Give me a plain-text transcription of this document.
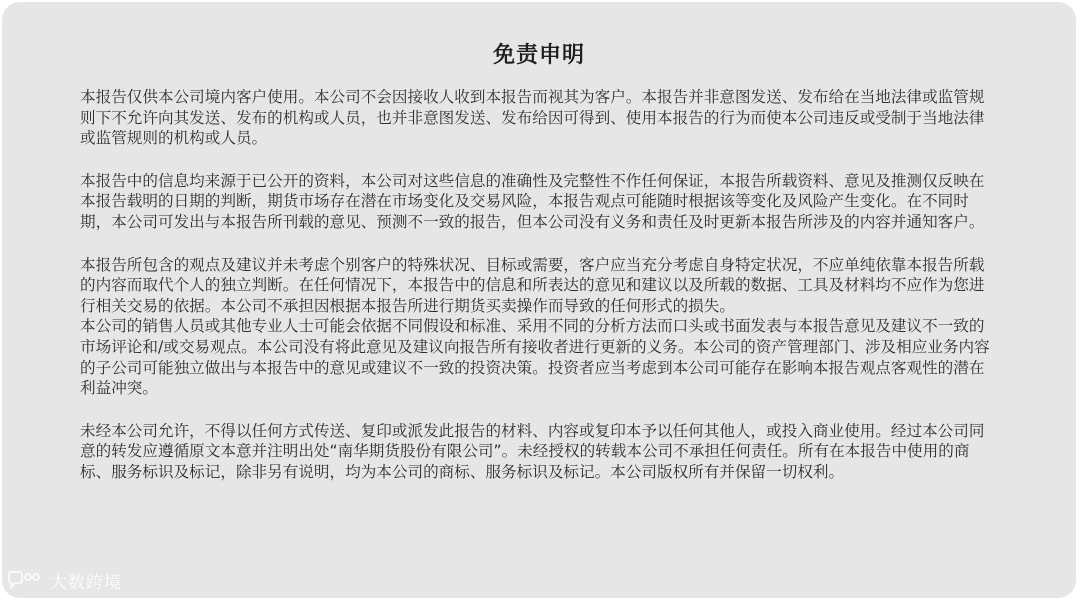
免责申明

本报告仅供本公司境内客户使用。本公司不会因接收人收到本报告而视其为客户。本报告并非意图发送、发布给在当地法律或监管规则下不允许向其发送、发布的机构或人员，也并非意图发送、发布给因可得到、使用本报告的行为而使本公司违反或受制于当地法律或监管规则的机构或人员。

本报告中的信息均来源于已公开的资料，本公司对这些信息的准确性及完整性不作任何保证，本报告所载资料、意见及推测仅反映在本报告载明的日期的判断，期货市场存在潜在市场变化及交易风险，本报告观点可能随时根据该等变化及风险产生变化。在不同时期，本公司可发出与本报告所刊载的意见、预测不一致的报告，但本公司没有义务和责任及时更新本报告所涉及的内容并通知客户。

本报告所包含的观点及建议并未考虑个别客户的特殊状况、目标或需要，客户应当充分考虑自身特定状况，不应单纯依靠本报告所载的内容而取代个人的独立判断。在任何情况下，本报告中的信息和所表达的意见和建议以及所载的数据、工具及材料均不应作为您进行相关交易的依据。本公司不承担因根据本报告所进行期货买卖操作而导致的任何形式的损失。

本公司的销售人员或其他专业人士可能会依据不同假设和标准、采用不同的分析方法而口头或书面发表与本报告意见及建议不一致的市场评论和/或交易观点。本公司没有将此意见及建议向报告所有接收者进行更新的义务。本公司的资产管理部门、涉及相应业务内容的子公司可能独立做出与本报告中的意见或建议不一致的投资决策。投资者应当考虑到本公司可能存在影响本报告观点客观性的潜在利益冲突。

未经本公司允许，不得以任何方式传送、复印或派发此报告的材料、内容或复印本予以任何其他人，或投入商业使用。经过本公司同意的转发应遵循原文本意并注明出处“南华期货股份有限公司”。未经授权的转载本公司不承担任何责任。所有在本报告中使用的商标、服务标识及标记，除非另有说明，均为本公司的商标、服务标识及标记。本公司版权所有并保留一切权利。

大数跨境
